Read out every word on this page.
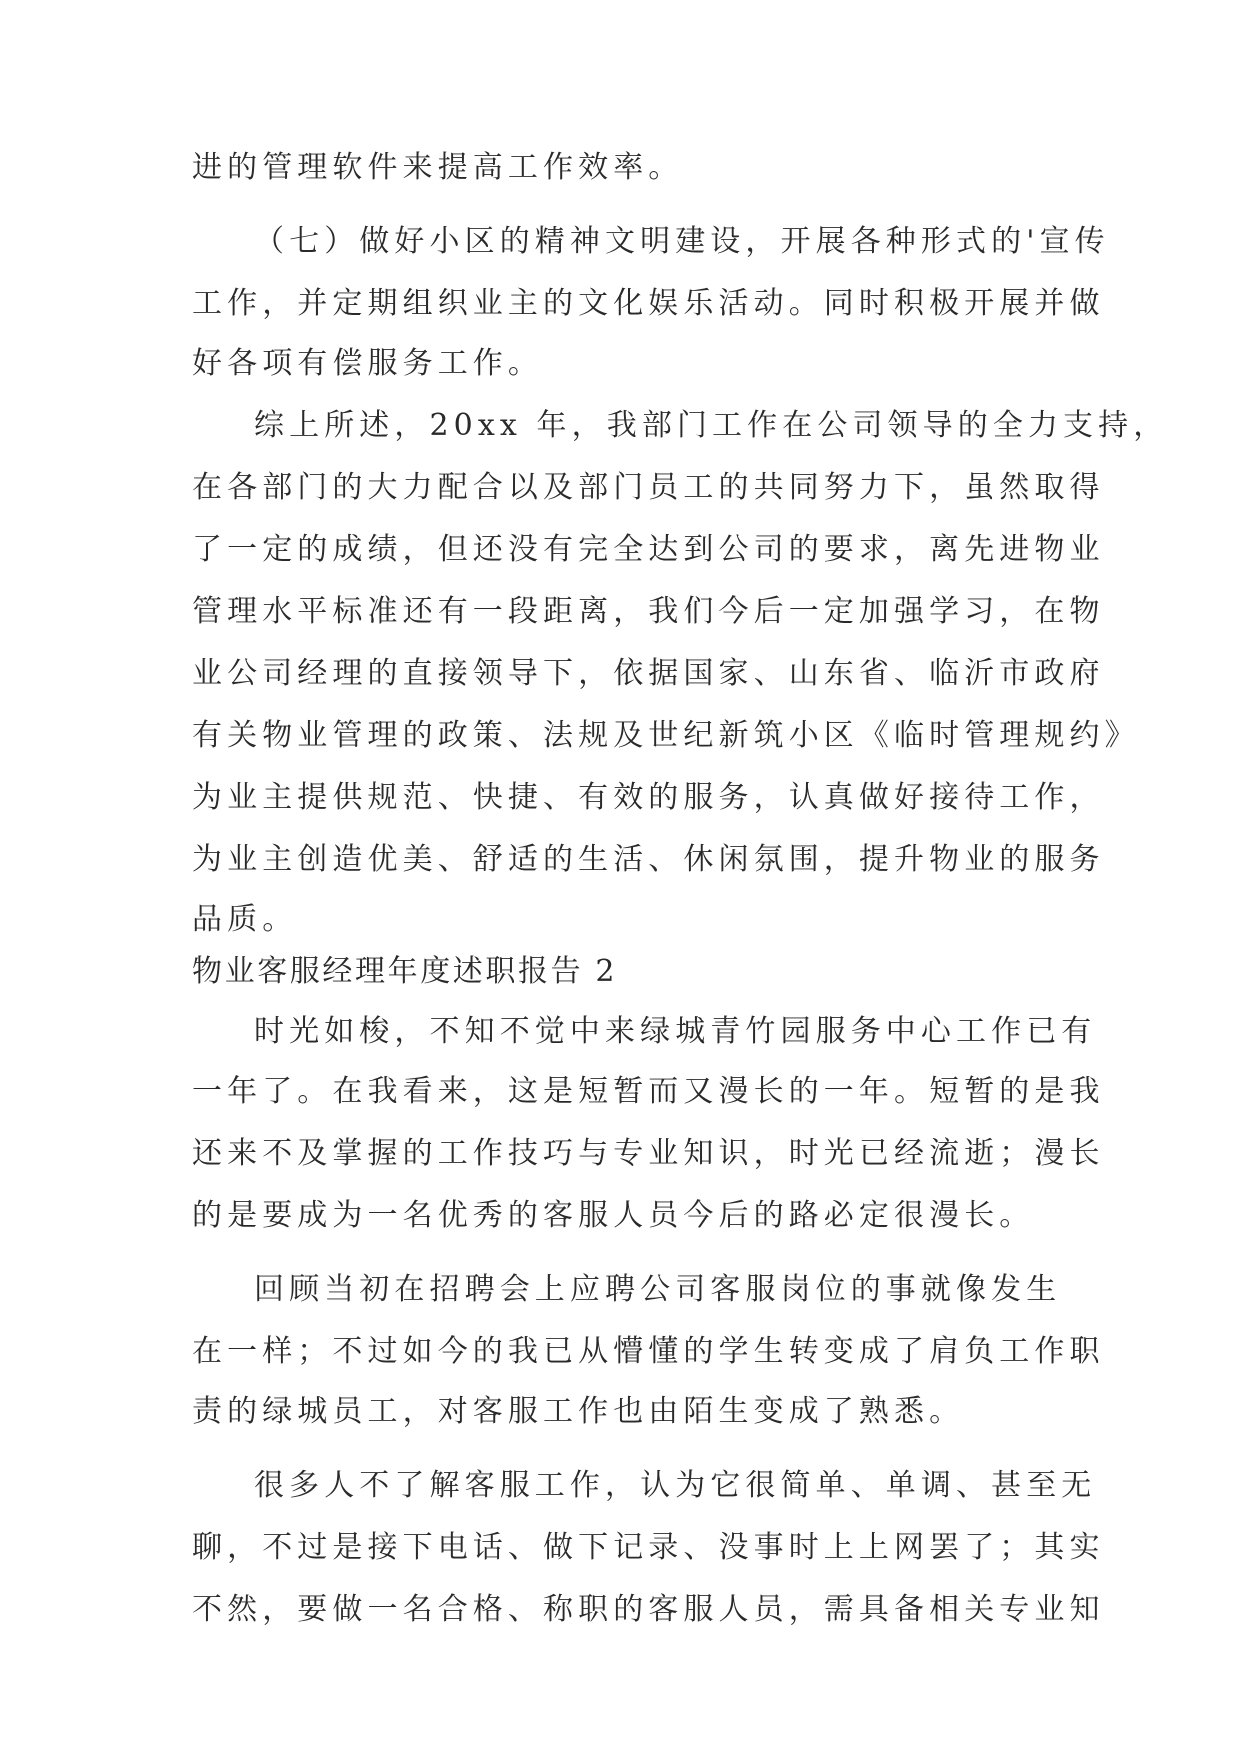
进的管理软件来提高工作效率。

（七）做好小区的精神文明建设，开展各种形式的'宣传

工作，并定期组织业主的文化娱乐活动。同时积极开展并做

好各项有偿服务工作。

综上所述，20xx 年，我部门工作在公司领导的全力支持，

在各部门的大力配合以及部门员工的共同努力下，虽然取得

了一定的成绩，但还没有完全达到公司的要求，离先进物业

管理水平标准还有一段距离，我们今后一定加强学习，在物

业公司经理的直接领导下，依据国家、山东省、临沂市政府

有关物业管理的政策、法规及世纪新筑小区《临时管理规约》

为业主提供规范、快捷、有效的服务，认真做好接待工作，

为业主创造优美、舒适的生活、休闲氛围，提升物业的服务

品质。

物业客服经理年度述职报告 2

时光如梭，不知不觉中来绿城青竹园服务中心工作已有

一年了。在我看来，这是短暂而又漫长的一年。短暂的是我

还来不及掌握的工作技巧与专业知识，时光已经流逝；漫长

的是要成为一名优秀的客服人员今后的路必定很漫长。

回顾当初在招聘会上应聘公司客服岗位的事就像发生

在一样；不过如今的我已从懵懂的学生转变成了肩负工作职

责的绿城员工，对客服工作也由陌生变成了熟悉。

很多人不了解客服工作，认为它很简单、单调、甚至无

聊，不过是接下电话、做下记录、没事时上上网罢了；其实

不然，要做一名合格、称职的客服人员，需具备相关专业知
